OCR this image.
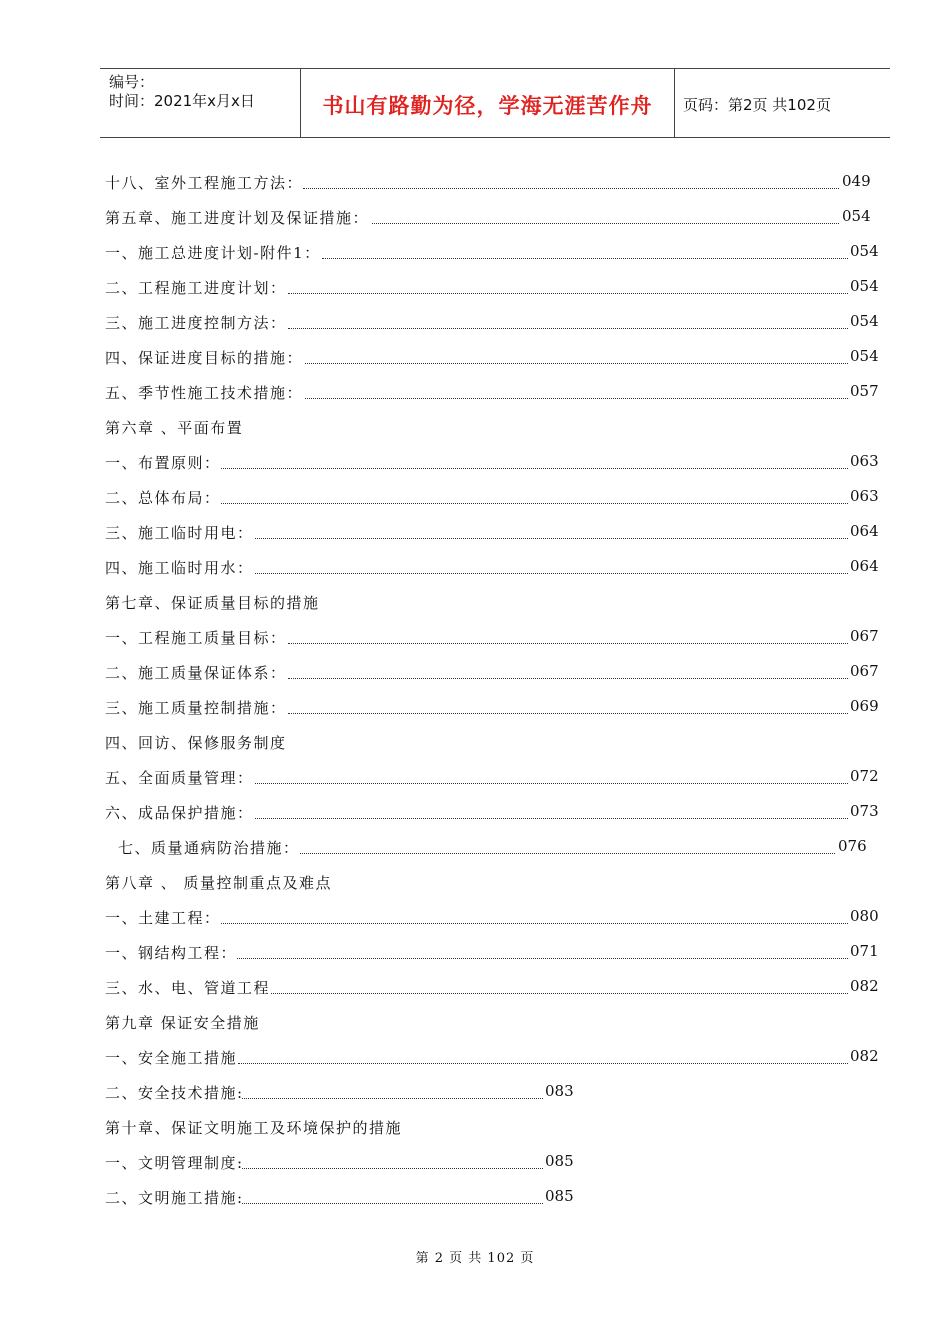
编号：
时间：2021年x月x日	书山有路勤为径，学海无涯苦作舟	页码：第2页 共102页
十八、室外工程施工方法：	049
第五章、施工进度计划及保证措施：	054
一、施工总进度计划-附件1：	054
二、工程施工进度计划：	054
三、施工进度控制方法：	054
四、保证进度目标的措施：	054
五、季节性施工技术措施：	057
第六章 、平面布置
一、布置原则：	063
二、总体布局：	063
三、施工临时用电：	064
四、施工临时用水：	064
第七章、保证质量目标的措施
一、工程施工质量目标：	067
二、施工质量保证体系：	067
三、施工质量控制措施：	069
四、回访、保修服务制度
五、全面质量管理：	072
六、成品保护措施：	073
七、质量通病防治措施：	076
第八章 、 质量控制重点及难点
一、土建工程：	080
一、钢结构工程：	071
三、水、电、管道工程	082
第九章 保证安全措施
一、安全施工措施	082
二、安全技术措施:	083
第十章、保证文明施工及环境保护的措施
一、文明管理制度:	085
二、文明施工措施:	085
第 2 页 共 102 页
